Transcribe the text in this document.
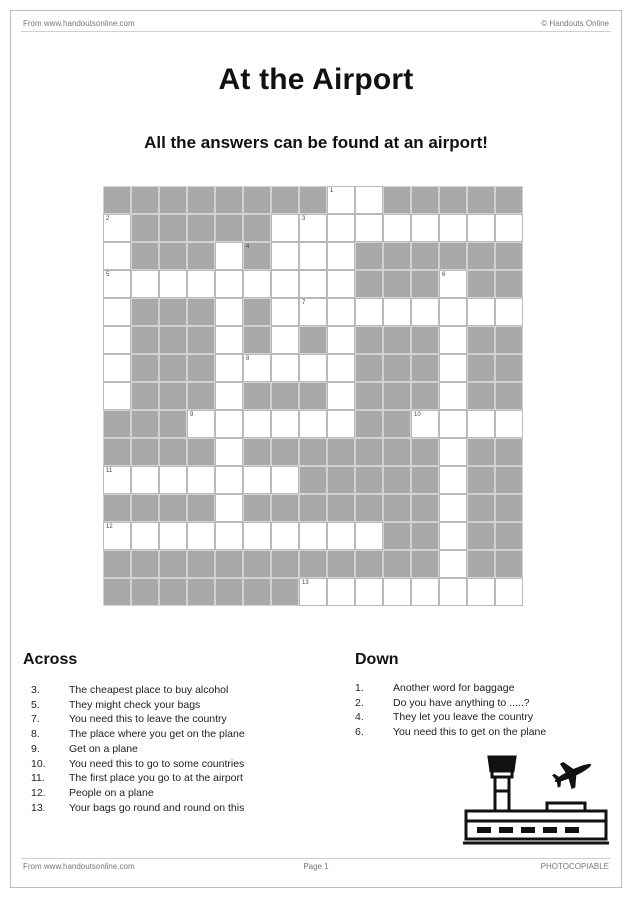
From www.handoutsonline.com	© Handouts Online
At the Airport
All the answers can be found at an airport!
1
2	3
4
5	6
7
8
9	10
11
12
13
Across
3.	The cheapest place to buy alcohol
5.	They might check your bags
7.	You need this to leave the country
8.	The place where you get on the plane
9.	Get on a plane
10.	You need this to go to some countries
11.	The first place you go to at the airport
12.	People on a plane
13.	Your bags go round and round on this
Down
1.	Another word for baggage
2.	Do you have anything to .....?
4.	They let you leave the country
6.	You need this to get on the plane
From www.handoutsonline.com	Page 1	PHOTOCOPIABLE
